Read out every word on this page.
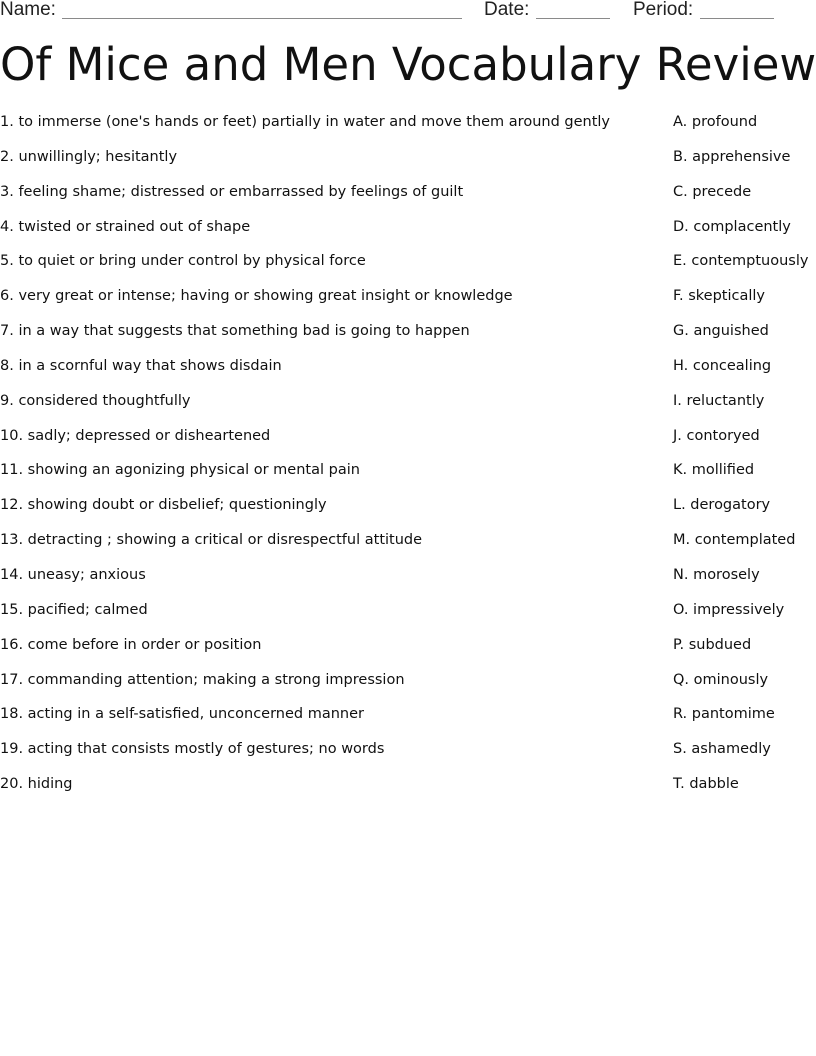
Name:	Date:	Period:
Of Mice and Men Vocabulary Review
1. to immerse (one's hands or feet) partially in water and move them around gently
2. unwillingly; hesitantly
3. feeling shame; distressed or embarrassed by feelings of guilt
4. twisted or strained out of shape
5. to quiet or bring under control by physical force
6. very great or intense; having or showing great insight or knowledge
7. in a way that suggests that something bad is going to happen
8. in a scornful way that shows disdain
9. considered thoughtfully
10. sadly; depressed or disheartened
11. showing an agonizing physical or mental pain
12. showing doubt or disbelief; questioningly
13. detracting ; showing a critical or disrespectful attitude
14. uneasy; anxious
15. pacified; calmed
16. come before in order or position
17. commanding attention; making a strong impression
18. acting in a self-satisfied, unconcerned manner
19. acting that consists mostly of gestures; no words
20. hiding
A. profound
B. apprehensive
C. precede
D. complacently
E. contemptuously
F. skeptically
G. anguished
H. concealing
I. reluctantly
J. contoryed
K. mollified
L. derogatory
M. contemplated
N. morosely
O. impressively
P. subdued
Q. ominously
R. pantomime
S. ashamedly
T. dabble
